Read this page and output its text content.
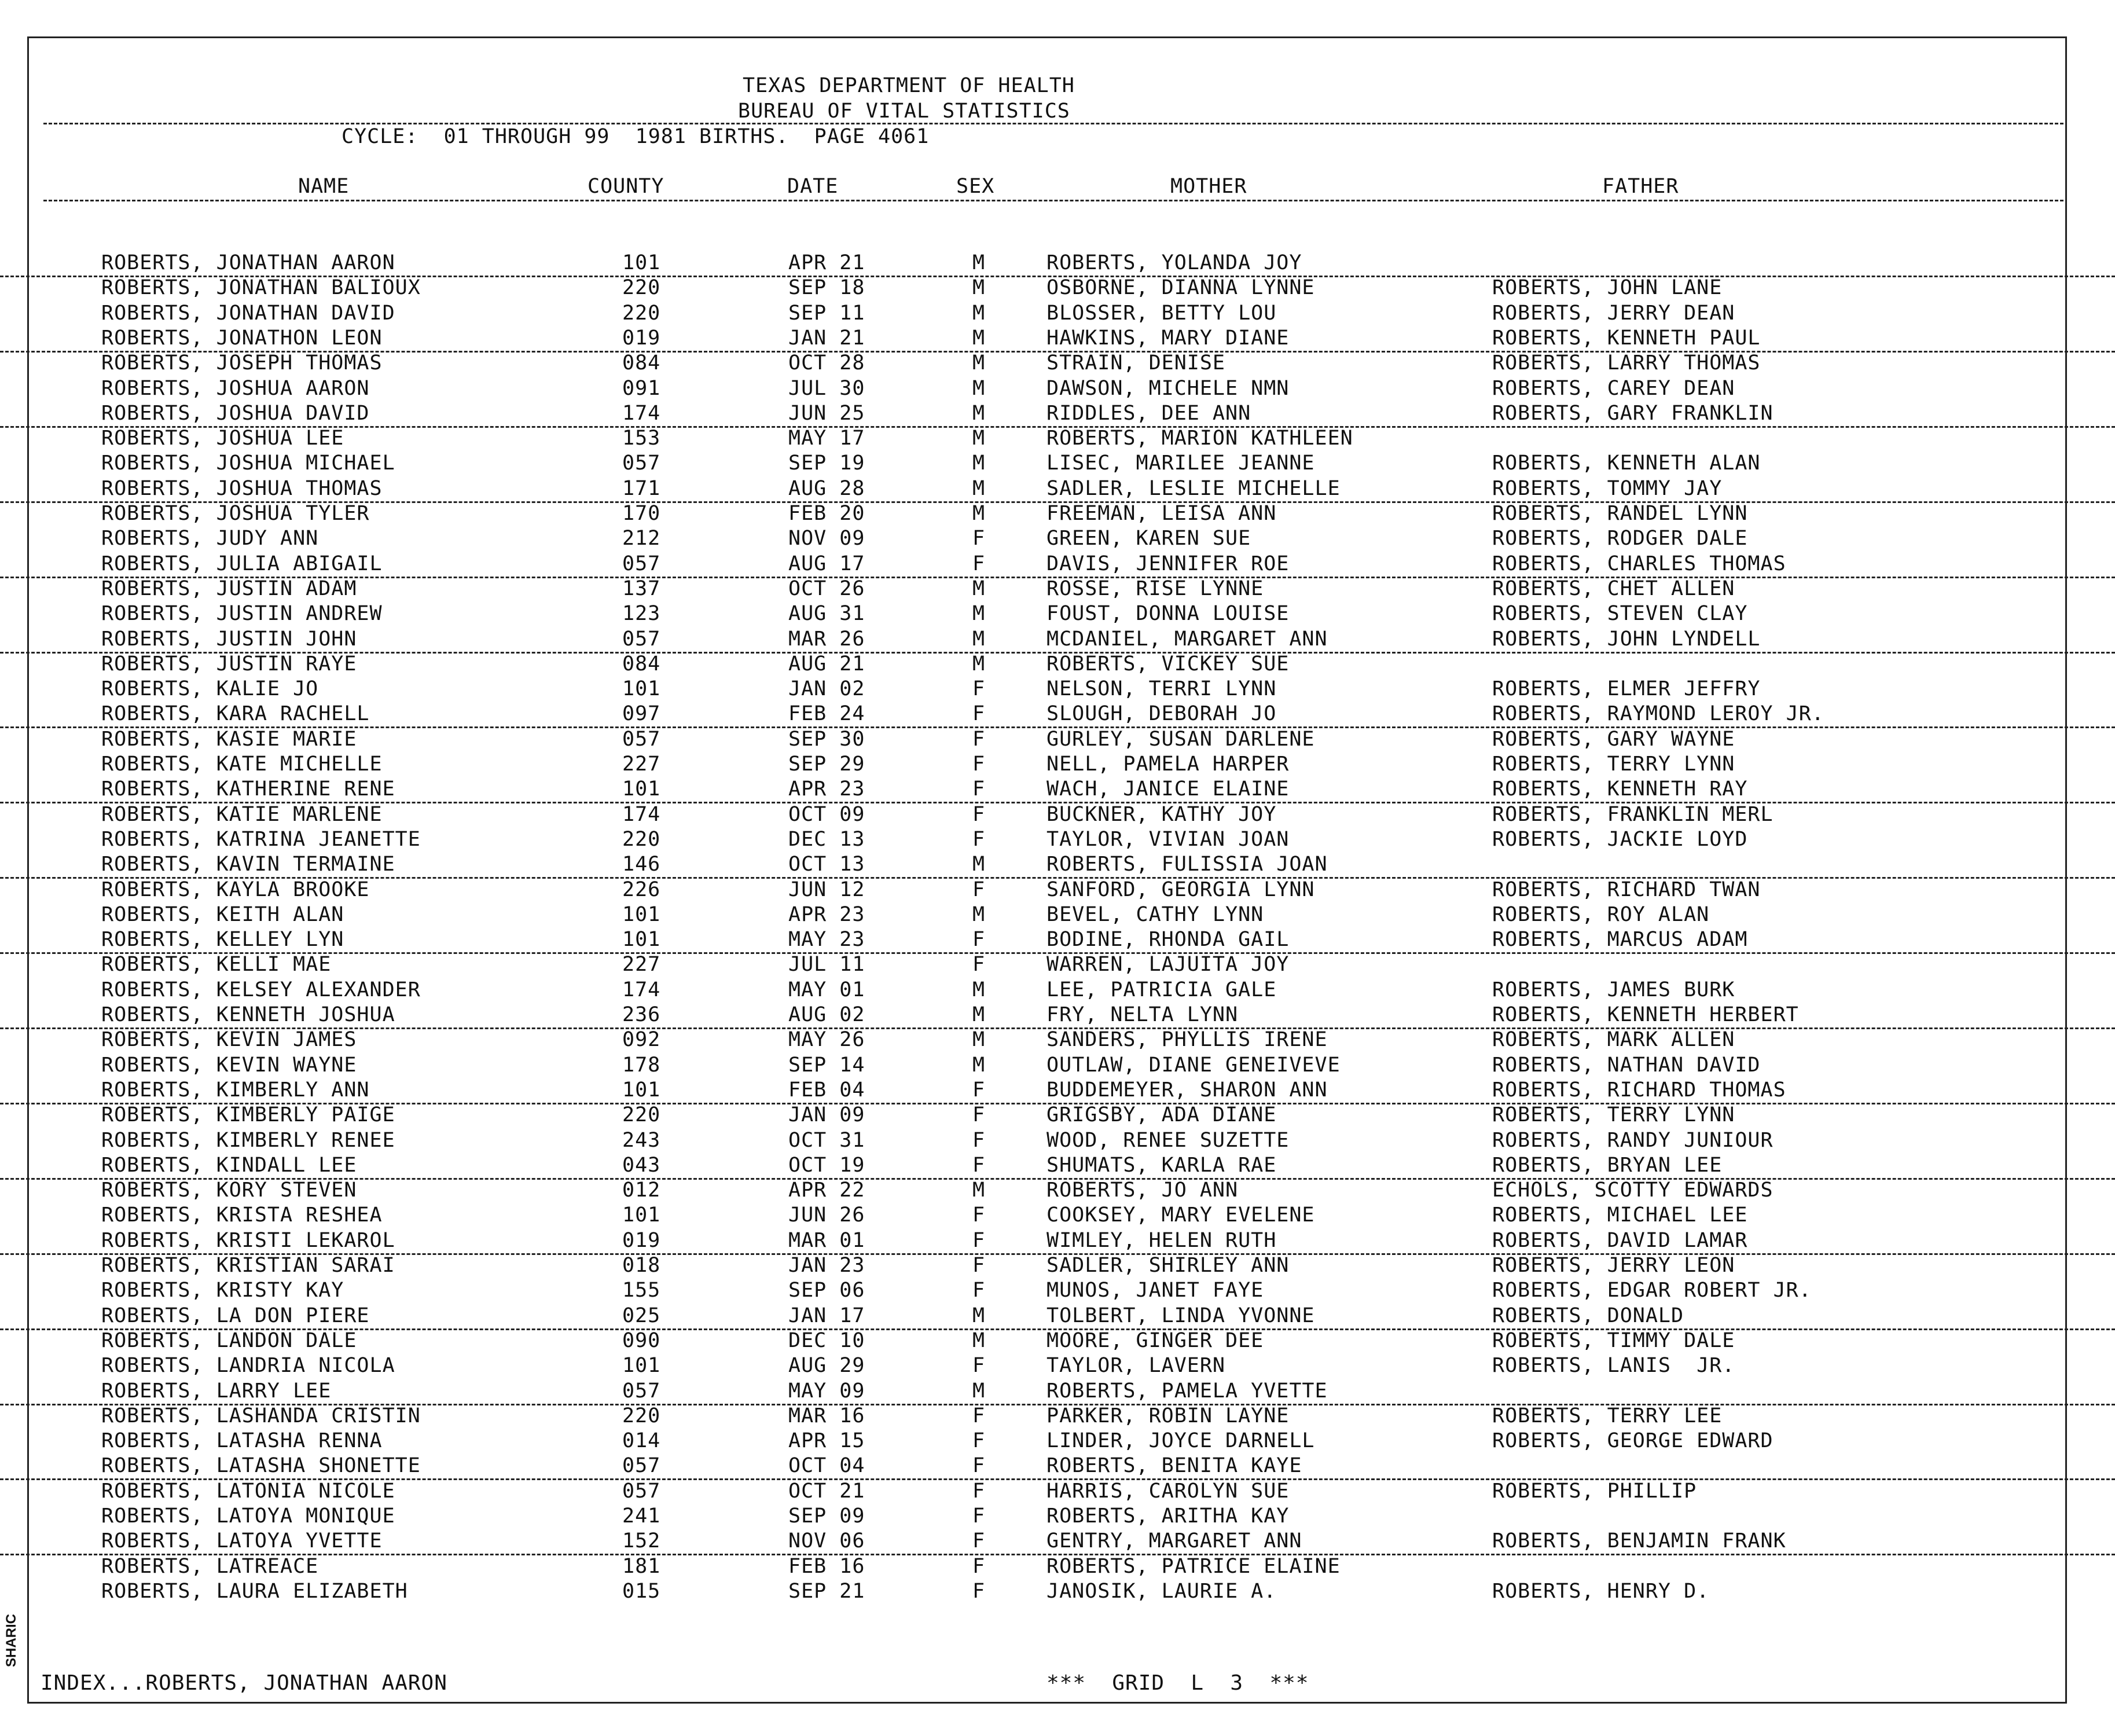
TEXAS DEPARTMENT OF HEALTH
BUREAU OF VITAL STATISTICS
CYCLE:  01 THROUGH 99  1981 BIRTHS.  PAGE 4061
NAME	COUNTY	DATE	SEX	MOTHER	FATHER
ROBERTS, JONATHAN AARON	101	APR 21	M	ROBERTS, YOLANDA JOY
ROBERTS, JONATHAN BALIOUX	220	SEP 18	M	OSBORNE, DIANNA LYNNE	ROBERTS, JOHN LANE
ROBERTS, JONATHAN DAVID	220	SEP 11	M	BLOSSER, BETTY LOU	ROBERTS, JERRY DEAN
ROBERTS, JONATHON LEON	019	JAN 21	M	HAWKINS, MARY DIANE	ROBERTS, KENNETH PAUL
ROBERTS, JOSEPH THOMAS	084	OCT 28	M	STRAIN, DENISE	ROBERTS, LARRY THOMAS
ROBERTS, JOSHUA AARON	091	JUL 30	M	DAWSON, MICHELE NMN	ROBERTS, CAREY DEAN
ROBERTS, JOSHUA DAVID	174	JUN 25	M	RIDDLES, DEE ANN	ROBERTS, GARY FRANKLIN
ROBERTS, JOSHUA LEE	153	MAY 17	M	ROBERTS, MARION KATHLEEN
ROBERTS, JOSHUA MICHAEL	057	SEP 19	M	LISEC, MARILEE JEANNE	ROBERTS, KENNETH ALAN
ROBERTS, JOSHUA THOMAS	171	AUG 28	M	SADLER, LESLIE MICHELLE	ROBERTS, TOMMY JAY
ROBERTS, JOSHUA TYLER	170	FEB 20	M	FREEMAN, LEISA ANN	ROBERTS, RANDEL LYNN
ROBERTS, JUDY ANN	212	NOV 09	F	GREEN, KAREN SUE	ROBERTS, RODGER DALE
ROBERTS, JULIA ABIGAIL	057	AUG 17	F	DAVIS, JENNIFER ROE	ROBERTS, CHARLES THOMAS
ROBERTS, JUSTIN ADAM	137	OCT 26	M	ROSSE, RISE LYNNE	ROBERTS, CHET ALLEN
ROBERTS, JUSTIN ANDREW	123	AUG 31	M	FOUST, DONNA LOUISE	ROBERTS, STEVEN CLAY
ROBERTS, JUSTIN JOHN	057	MAR 26	M	MCDANIEL, MARGARET ANN	ROBERTS, JOHN LYNDELL
ROBERTS, JUSTIN RAYE	084	AUG 21	M	ROBERTS, VICKEY SUE
ROBERTS, KALIE JO	101	JAN 02	F	NELSON, TERRI LYNN	ROBERTS, ELMER JEFFRY
ROBERTS, KARA RACHELL	097	FEB 24	F	SLOUGH, DEBORAH JO	ROBERTS, RAYMOND LEROY JR.
ROBERTS, KASIE MARIE	057	SEP 30	F	GURLEY, SUSAN DARLENE	ROBERTS, GARY WAYNE
ROBERTS, KATE MICHELLE	227	SEP 29	F	NELL, PAMELA HARPER	ROBERTS, TERRY LYNN
ROBERTS, KATHERINE RENE	101	APR 23	F	WACH, JANICE ELAINE	ROBERTS, KENNETH RAY
ROBERTS, KATIE MARLENE	174	OCT 09	F	BUCKNER, KATHY JOY	ROBERTS, FRANKLIN MERL
ROBERTS, KATRINA JEANETTE	220	DEC 13	F	TAYLOR, VIVIAN JOAN	ROBERTS, JACKIE LOYD
ROBERTS, KAVIN TERMAINE	146	OCT 13	M	ROBERTS, FULISSIA JOAN
ROBERTS, KAYLA BROOKE	226	JUN 12	F	SANFORD, GEORGIA LYNN	ROBERTS, RICHARD TWAN
ROBERTS, KEITH ALAN	101	APR 23	M	BEVEL, CATHY LYNN	ROBERTS, ROY ALAN
ROBERTS, KELLEY LYN	101	MAY 23	F	BODINE, RHONDA GAIL	ROBERTS, MARCUS ADAM
ROBERTS, KELLI MAE	227	JUL 11	F	WARREN, LAJUITA JOY
ROBERTS, KELSEY ALEXANDER	174	MAY 01	M	LEE, PATRICIA GALE	ROBERTS, JAMES BURK
ROBERTS, KENNETH JOSHUA	236	AUG 02	M	FRY, NELTA LYNN	ROBERTS, KENNETH HERBERT
ROBERTS, KEVIN JAMES	092	MAY 26	M	SANDERS, PHYLLIS IRENE	ROBERTS, MARK ALLEN
ROBERTS, KEVIN WAYNE	178	SEP 14	M	OUTLAW, DIANE GENEIVEVE	ROBERTS, NATHAN DAVID
ROBERTS, KIMBERLY ANN	101	FEB 04	F	BUDDEMEYER, SHARON ANN	ROBERTS, RICHARD THOMAS
ROBERTS, KIMBERLY PAIGE	220	JAN 09	F	GRIGSBY, ADA DIANE	ROBERTS, TERRY LYNN
ROBERTS, KIMBERLY RENEE	243	OCT 31	F	WOOD, RENEE SUZETTE	ROBERTS, RANDY JUNIOUR
ROBERTS, KINDALL LEE	043	OCT 19	F	SHUMATS, KARLA RAE	ROBERTS, BRYAN LEE
ROBERTS, KORY STEVEN	012	APR 22	M	ROBERTS, JO ANN	ECHOLS, SCOTTY EDWARDS
ROBERTS, KRISTA RESHEA	101	JUN 26	F	COOKSEY, MARY EVELENE	ROBERTS, MICHAEL LEE
ROBERTS, KRISTI LEKAROL	019	MAR 01	F	WIMLEY, HELEN RUTH	ROBERTS, DAVID LAMAR
ROBERTS, KRISTIAN SARAI	018	JAN 23	F	SADLER, SHIRLEY ANN	ROBERTS, JERRY LEON
ROBERTS, KRISTY KAY	155	SEP 06	F	MUNOS, JANET FAYE	ROBERTS, EDGAR ROBERT JR.
ROBERTS, LA DON PIERE	025	JAN 17	M	TOLBERT, LINDA YVONNE	ROBERTS, DONALD
ROBERTS, LANDON DALE	090	DEC 10	M	MOORE, GINGER DEE	ROBERTS, TIMMY DALE
ROBERTS, LANDRIA NICOLA	101	AUG 29	F	TAYLOR, LAVERN	ROBERTS, LANIS  JR.
ROBERTS, LARRY LEE	057	MAY 09	M	ROBERTS, PAMELA YVETTE
ROBERTS, LASHANDA CRISTIN	220	MAR 16	F	PARKER, ROBIN LAYNE	ROBERTS, TERRY LEE
ROBERTS, LATASHA RENNA	014	APR 15	F	LINDER, JOYCE DARNELL	ROBERTS, GEORGE EDWARD
ROBERTS, LATASHA SHONETTE	057	OCT 04	F	ROBERTS, BENITA KAYE
ROBERTS, LATONIA NICOLE	057	OCT 21	F	HARRIS, CAROLYN SUE	ROBERTS, PHILLIP
ROBERTS, LATOYA MONIQUE	241	SEP 09	F	ROBERTS, ARITHA KAY
ROBERTS, LATOYA YVETTE	152	NOV 06	F	GENTRY, MARGARET ANN	ROBERTS, BENJAMIN FRANK
ROBERTS, LATREACE	181	FEB 16	F	ROBERTS, PATRICE ELAINE
ROBERTS, LAURA ELIZABETH	015	SEP 21	F	JANOSIK, LAURIE A.	ROBERTS, HENRY D.
INDEX...ROBERTS, JONATHAN AARON	***  GRID  L  3  ***
SHARIC
